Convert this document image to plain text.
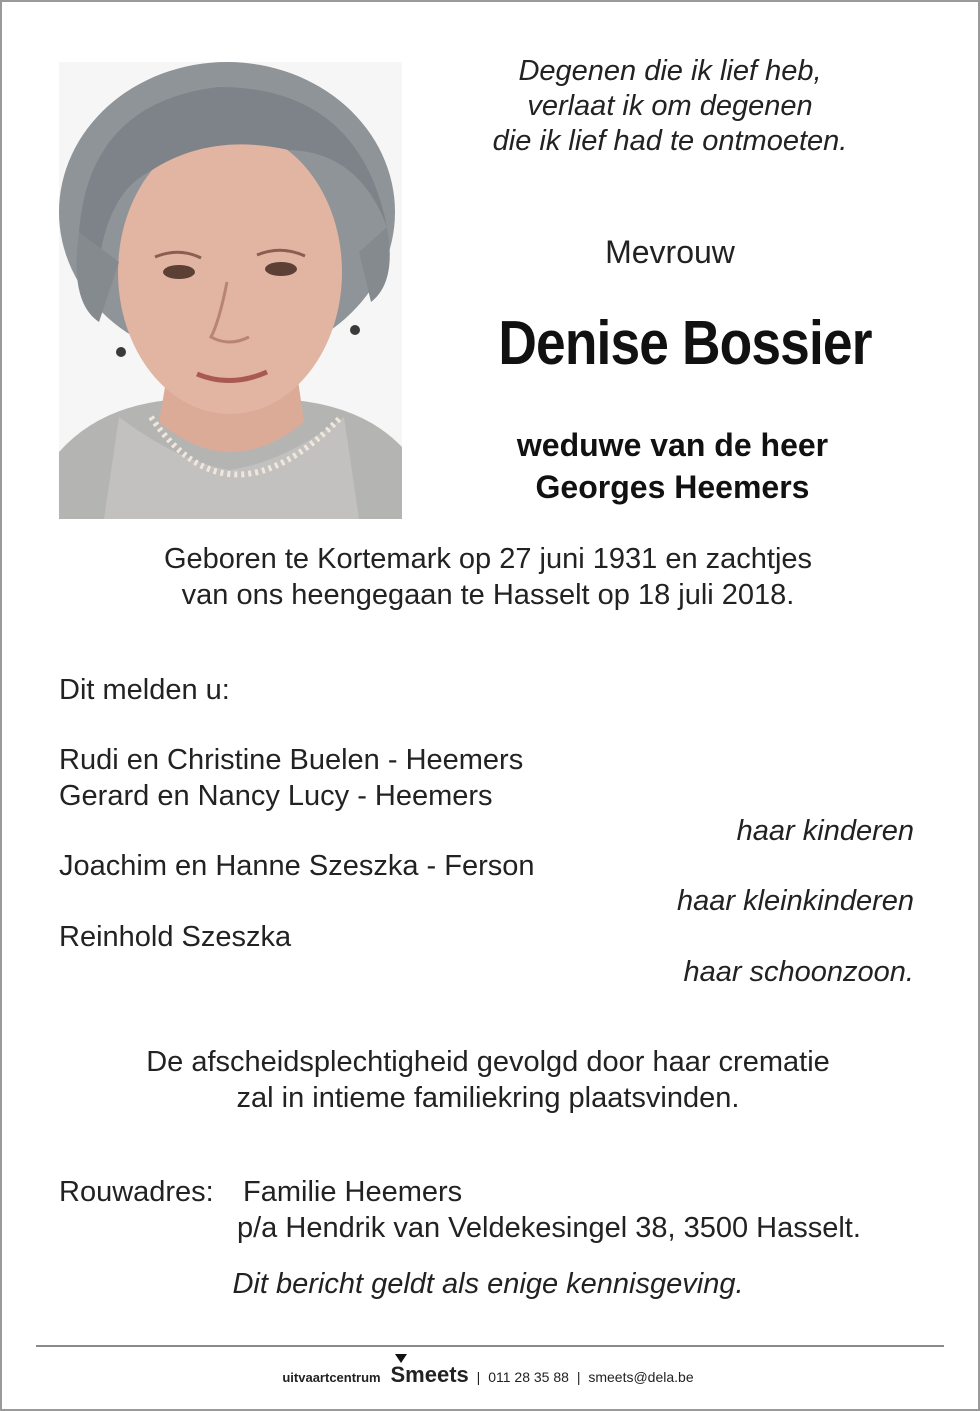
Degenen die ik lief heb,
verlaat ik om degenen
die ik lief had te ontmoeten.
Mevrouw
Denise Bossier
weduwe van de heer
Georges Heemers
Geboren te Kortemark op 27 juni 1931 en zachtjes
van ons heengegaan te Hasselt op 18 juli 2018.
Dit melden u:
Rudi en Christine Buelen - Heemers
Gerard en Nancy Lucy - Heemers
haar kinderen
Joachim en Hanne Szeszka - Ferson
haar kleinkinderen
Reinhold Szeszka
haar schoonzoon.
De afscheidsplechtigheid gevolgd door haar crematie
zal in intieme familiekring plaatsvinden.
Rouwadres: Familie Heemers
p/a Hendrik van Veldekesingel 38, 3500 Hasselt.
Dit bericht geldt als enige kennisgeving.
uitvaartcentrum Smeets | 011 28 35 88 | smeets@dela.be
